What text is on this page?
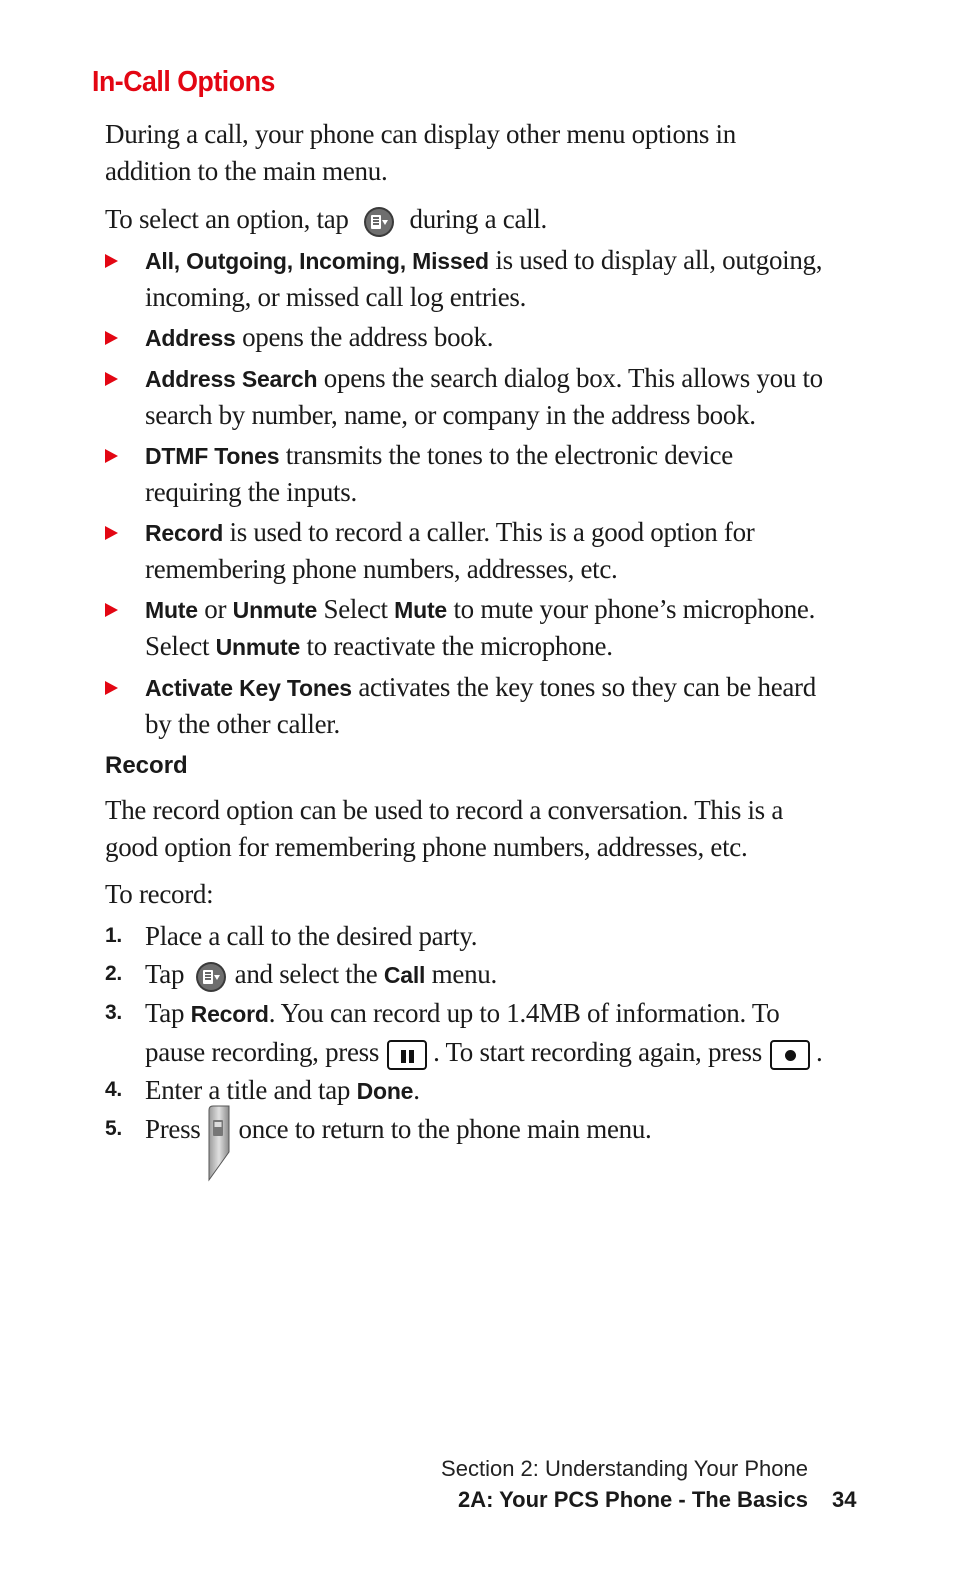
In-Call Options
During a call, your phone can display other menu options in addition to the main menu.
To select an option, tap during a call.
All, Outgoing, Incoming, Missed is used to display all, outgoing, incoming, or missed call log entries.
Address opens the address book.
Address Search opens the search dialog box. This allows you to search by number, name, or company in the address book.
DTMF Tones transmits the tones to the electronic device requiring the inputs.
Record is used to record a caller. This is a good option for remembering phone numbers, addresses, etc.
Mute or Unmute Select Mute to mute your phone’s microphone. Select Unmute to reactivate the microphone.
Activate Key Tones activates the key tones so they can be heard by the other caller.
Record
The record option can be used to record a conversation. This is a good option for remembering phone numbers, addresses, etc.
To record:
1. Place a call to the desired party.
2. Tap and select the Call menu.
3. Tap Record. You can record up to 1.4MB of information. To pause recording, press . To start recording again, press .
4. Enter a title and tap Done.
5. Press once to return to the phone main menu.
Section 2: Understanding Your Phone
2A: Your PCS Phone - The Basics 34
